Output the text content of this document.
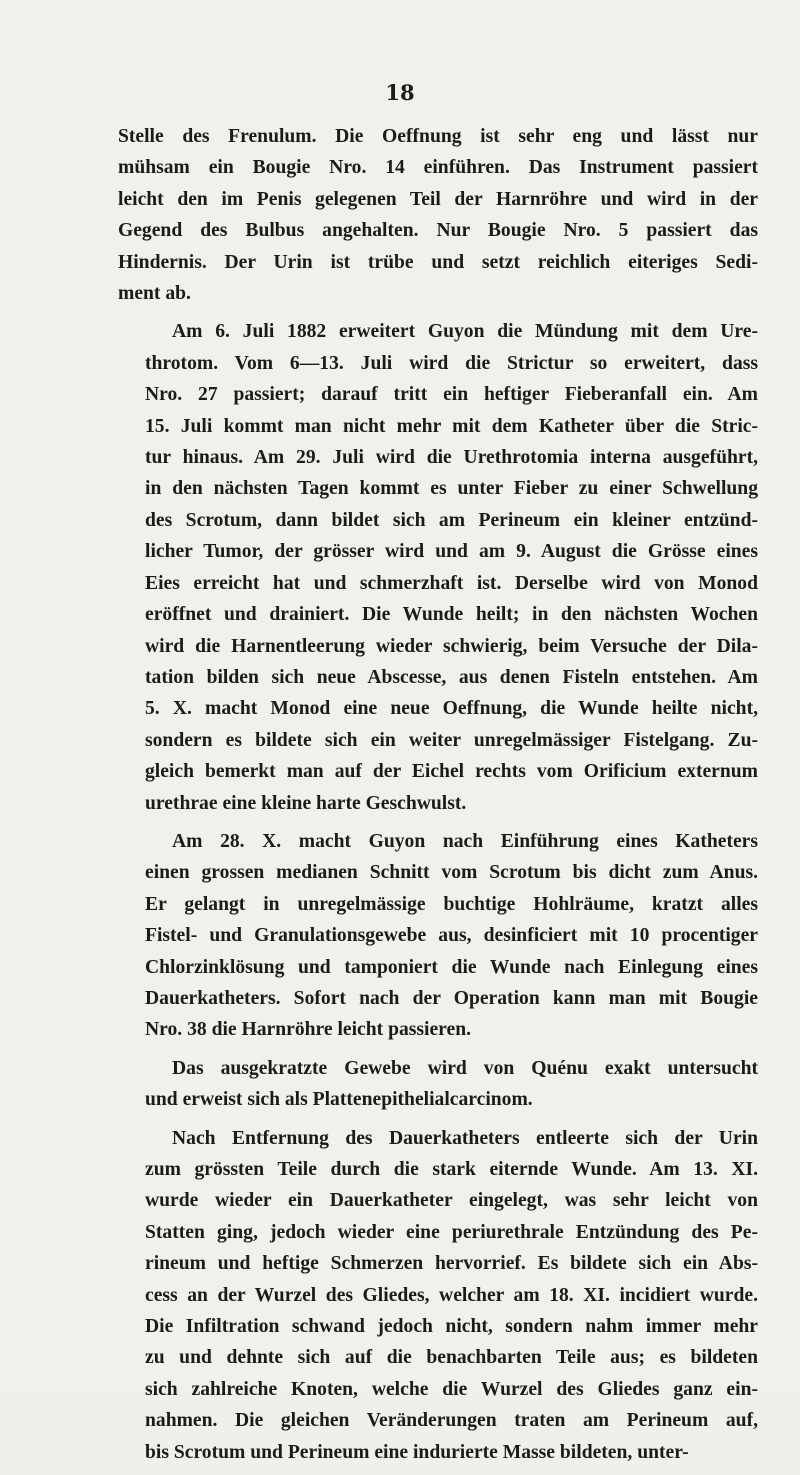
18
Stelle des Frenulum. Die Oeffnung ist sehr eng und lässt nur
mühsam ein Bougie Nro. 14 einführen. Das Instrument passiert
leicht den im Penis gelegenen Teil der Harnröhre und wird in der
Gegend des Bulbus angehalten. Nur Bougie Nro. 5 passiert das
Hindernis. Der Urin ist trübe und setzt reichlich eiteriges Sedi-
ment ab.
Am 6. Juli 1882 erweitert Guyon die Mündung mit dem Ure-
throtom. Vom 6—13. Juli wird die Strictur so erweitert, dass
Nro. 27 passiert; darauf tritt ein heftiger Fieberanfall ein. Am
15. Juli kommt man nicht mehr mit dem Katheter über die Stric-
tur hinaus. Am 29. Juli wird die Urethrotomia interna ausgeführt,
in den nächsten Tagen kommt es unter Fieber zu einer Schwellung
des Scrotum, dann bildet sich am Perineum ein kleiner entzünd-
licher Tumor, der grösser wird und am 9. August die Grösse eines
Eies erreicht hat und schmerzhaft ist. Derselbe wird von Monod
eröffnet und drainiert. Die Wunde heilt; in den nächsten Wochen
wird die Harnentleerung wieder schwierig, beim Versuche der Dila-
tation bilden sich neue Abscesse, aus denen Fisteln entstehen. Am
5. X. macht Monod eine neue Oeffnung, die Wunde heilte nicht,
sondern es bildete sich ein weiter unregelmässiger Fistelgang. Zu-
gleich bemerkt man auf der Eichel rechts vom Orificium externum
urethrae eine kleine harte Geschwulst.
Am 28. X. macht Guyon nach Einführung eines Katheters
einen grossen medianen Schnitt vom Scrotum bis dicht zum Anus.
Er gelangt in unregelmässige buchtige Hohlräume, kratzt alles
Fistel- und Granulationsgewebe aus, desinficiert mit 10 procentiger
Chlorzinklösung und tamponiert die Wunde nach Einlegung eines
Dauerkatheters. Sofort nach der Operation kann man mit Bougie
Nro. 38 die Harnröhre leicht passieren.
Das ausgekratzte Gewebe wird von Quénu exakt untersucht
und erweist sich als Plattenepithelialcarcinom.
Nach Entfernung des Dauerkatheters entleerte sich der Urin
zum grössten Teile durch die stark eiternde Wunde. Am 13. XI.
wurde wieder ein Dauerkatheter eingelegt, was sehr leicht von
Statten ging, jedoch wieder eine periurethrale Entzündung des Pe-
rineum und heftige Schmerzen hervorrief. Es bildete sich ein Abs-
cess an der Wurzel des Gliedes, welcher am 18. XI. incidiert wurde.
Die Infiltration schwand jedoch nicht, sondern nahm immer mehr
zu und dehnte sich auf die benachbarten Teile aus; es bildeten
sich zahlreiche Knoten, welche die Wurzel des Gliedes ganz ein-
nahmen. Die gleichen Veränderungen traten am Perineum auf,
bis Scrotum und Perineum eine indurierte Masse bildeten, unter-
